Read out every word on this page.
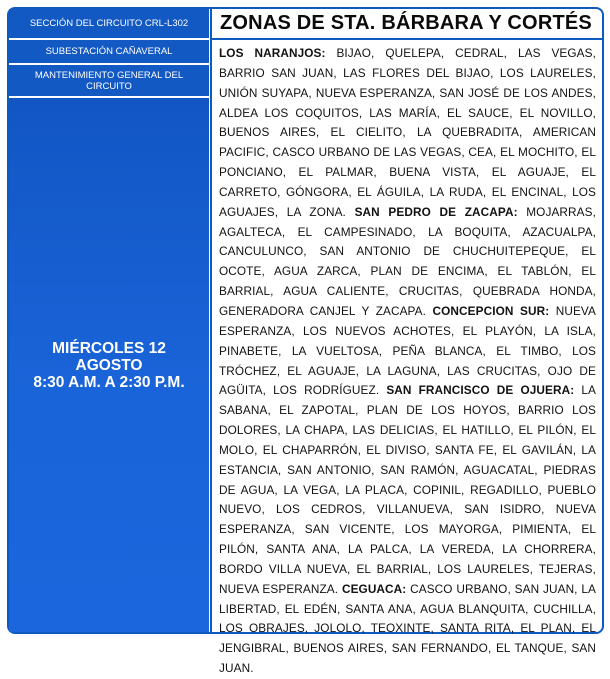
SECCIÓN DEL CIRCUITO CRL-L302
SUBESTACIÓN CAÑAVERAL
MANTENIMIENTO GENERAL DEL CIRCUITO
MIÉRCOLES 12 AGOSTO
8:30 A.M. A 2:30 P.M.
ZONAS DE STA. BÁRBARA Y CORTÉS
LOS NARANJOS: BIJAO, QUELEPA, CEDRAL, LAS VEGAS, BARRIO SAN JUAN, LAS FLORES DEL BIJAO, LOS LAURELES, UNIÓN SUYAPA, NUEVA ESPERANZA, SAN JOSÉ DE LOS ANDES, ALDEA LOS COQUITOS, LAS MARÍA, EL SAUCE, EL NOVILLO, BUENOS AIRES, EL CIELITO, LA QUEBRADITA, AMERICAN PACIFIC, CASCO URBANO DE LAS VEGAS, CEA, EL MOCHITO, EL PONCIANO, EL PALMAR, BUENA VISTA, EL AGUAJE, EL CARRETO, GÓNGORA, EL ÁGUILA, LA RUDA, EL ENCINAL, LOS AGUAJES, LA ZONA. SAN PEDRO DE ZACAPA: MOJARRAS, AGALTECA, EL CAMPESINADO, LA BOQUITA, AZACUALPA, CANCULUNCO, SAN ANTONIO DE CHUCHUITEPEQUE, EL OCOTE, AGUA ZARCA, PLAN DE ENCIMA, EL TABLÓN, EL BARRIAL, AGUA CALIENTE, CRUCITAS, QUEBRADA HONDA, GENERADORA CANJEL Y ZACAPA. CONCEPCION SUR: NUEVA ESPERANZA, LOS NUEVOS ACHOTES, EL PLAYÓN, LA ISLA, PINABETE, LA VUELTOSA, PEÑA BLANCA, EL TIMBO, LOS TRÓCHEZ, EL AGUAJE, LA LAGUNA, LAS CRUCITAS, OJO DE AGÜITA, LOS RODRÍGUEZ. SAN FRANCISCO DE OJUERA: LA SABANA, EL ZAPOTAL, PLAN DE LOS HOYOS, BARRIO LOS DOLORES, LA CHAPA, LAS DELICIAS, EL HATILLO, EL PILÓN, EL MOLO, EL CHAPARRÓN, EL DIVISO, SANTA FE, EL GAVILÁN, LA ESTANCIA, SAN ANTONIO, SAN RAMÓN, AGUACATAL, PIEDRAS DE AGUA, LA VEGA, LA PLACA, COPINIL, REGADILLO, PUEBLO NUEVO, LOS CEDROS, VILLANUEVA, SAN ISIDRO, NUEVA ESPERANZA, SAN VICENTE, LOS MAYORGA, PIMIENTA, EL PILÓN, SANTA ANA, LA PALCA, LA VEREDA, LA CHORRERA, BORDO VILLA NUEVA, EL BARRIAL, LOS LAURELES, TEJERAS, NUEVA ESPERANZA. CEGUACA: CASCO URBANO, SAN JUAN, LA LIBERTAD, EL EDÉN, SANTA ANA, AGUA BLANQUITA, CUCHILLA, LOS OBRAJES, JOLOLO, TEOXINTE, SANTA RITA, EL PLAN, EL JENGIBRAL, BUENOS AIRES, SAN FERNANDO, EL TANQUE, SAN JUAN.
